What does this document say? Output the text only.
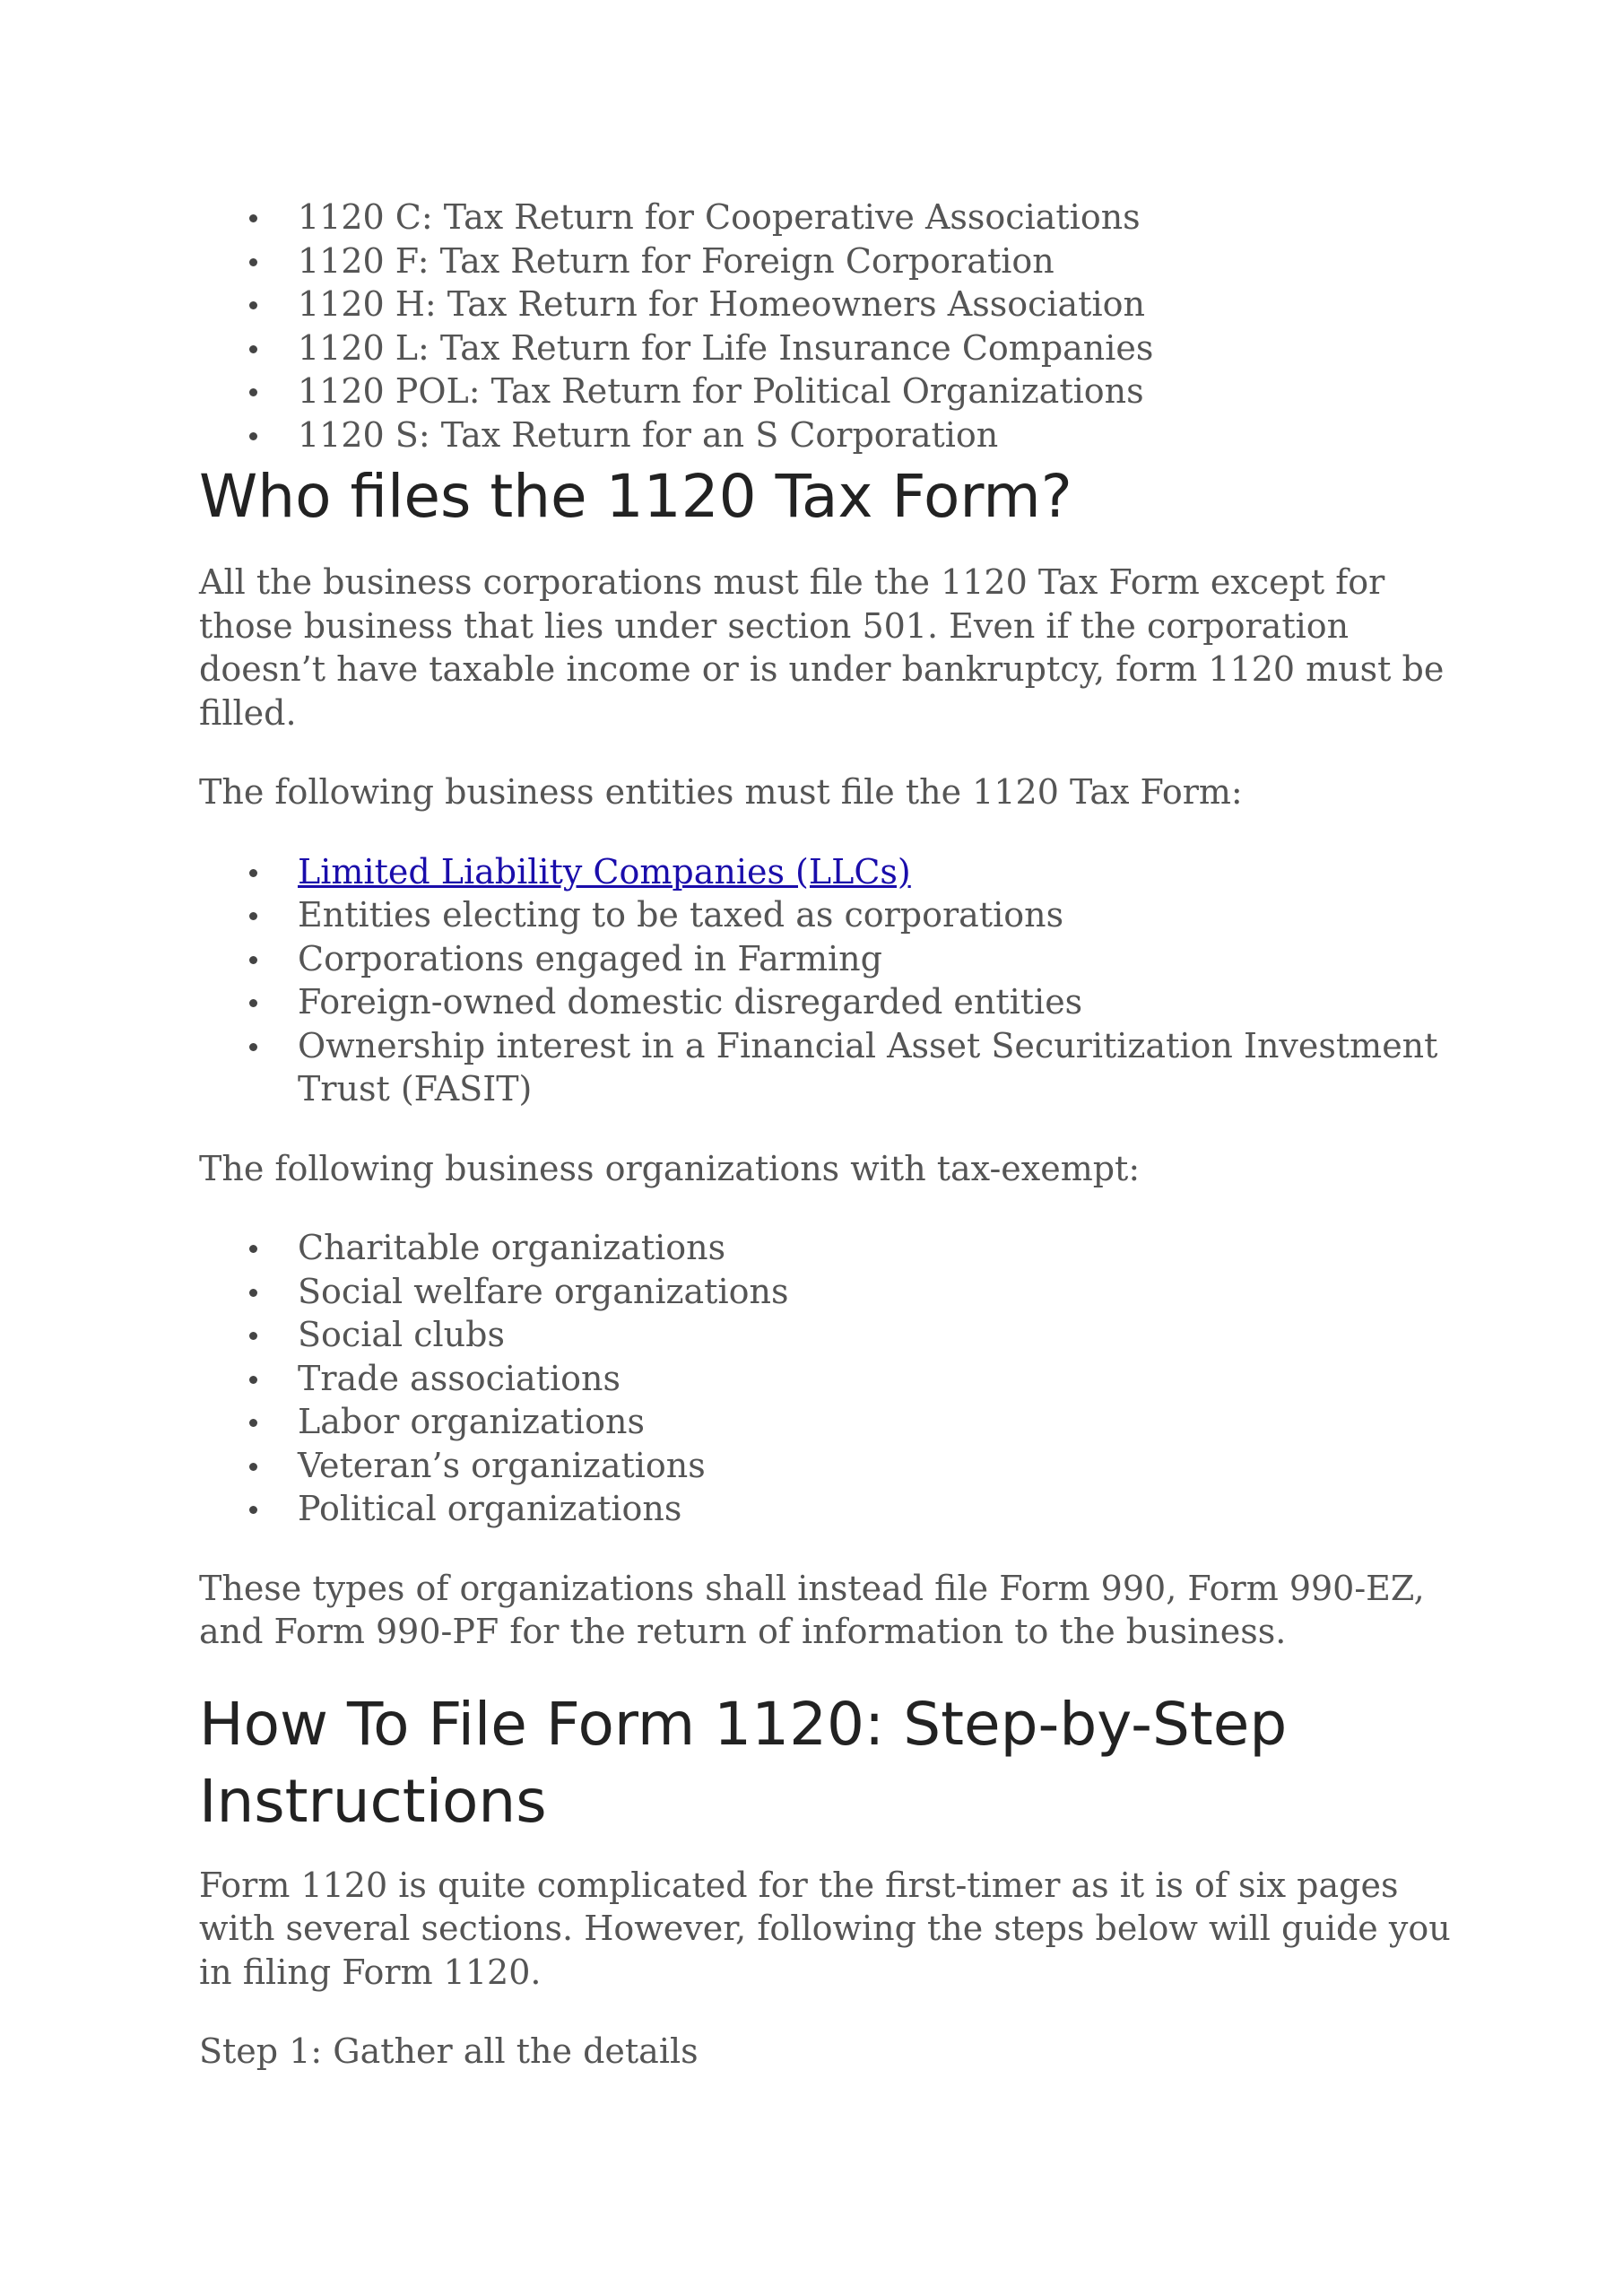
1120 C: Tax Return for Cooperative Associations
1120 F: Tax Return for Foreign Corporation
1120 H: Tax Return for Homeowners Association
1120 L: Tax Return for Life Insurance Companies
1120 POL: Tax Return for Political Organizations
1120 S: Tax Return for an S Corporation
Who files the 1120 Tax Form?

All the business corporations must file the 1120 Tax Form except for those business that lies under section 501. Even if the corporation doesn’t have taxable income or is under bankruptcy, form 1120 must be filled.

The following business entities must file the 1120 Tax Form:

Limited Liability Companies (LLCs)
Entities electing to be taxed as corporations
Corporations engaged in Farming
Foreign-owned domestic disregarded entities
Ownership interest in a Financial Asset Securitization Investment Trust (FASIT)

The following business organizations with tax-exempt:

Charitable organizations
Social welfare organizations
Social clubs
Trade associations
Labor organizations
Veteran’s organizations
Political organizations

These types of organizations shall instead file Form 990, Form 990-EZ, and Form 990-PF for the return of information to the business.

How To File Form 1120: Step-by-Step Instructions

Form 1120 is quite complicated for the first-timer as it is of six pages with several sections. However, following the steps below will guide you in filing Form 1120.

Step 1: Gather all the details
